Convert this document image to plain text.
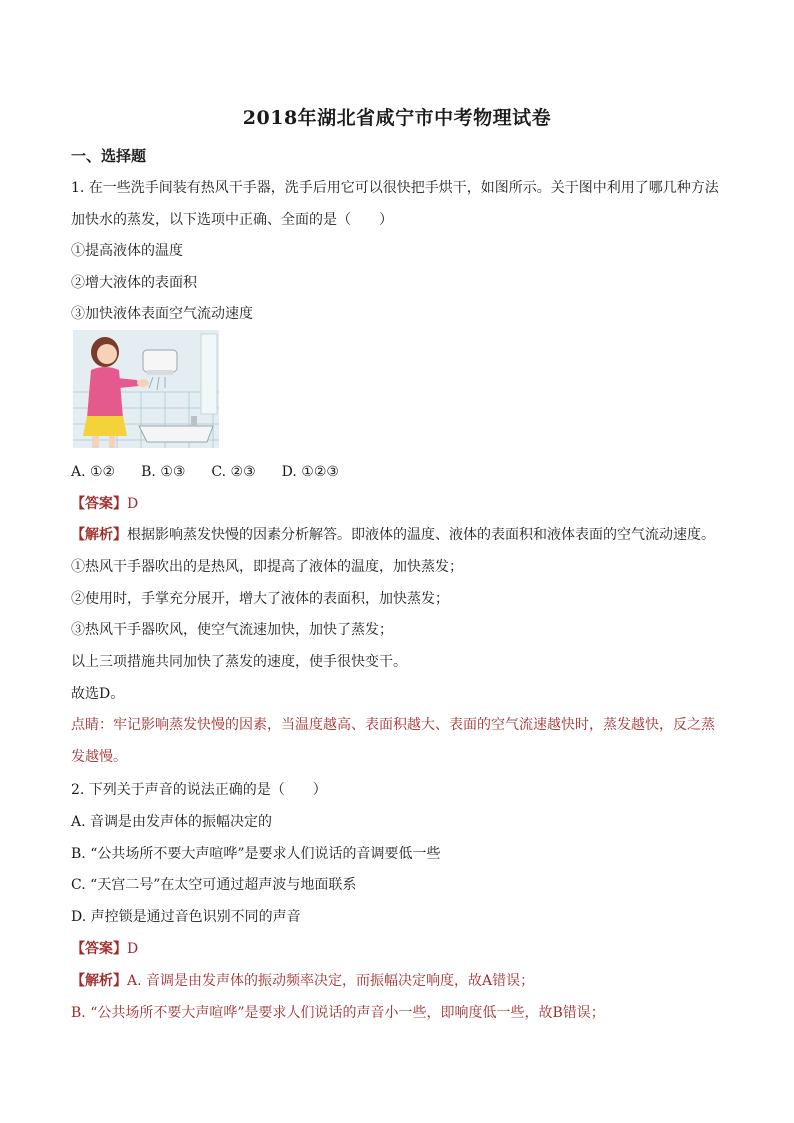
2018年湖北省咸宁市中考物理试卷
一、选择题
1. 在一些洗手间装有热风干手器，洗手后用它可以很快把手烘干，如图所示。关于图中利用了哪几种方法
加快水的蒸发，以下选项中正确、全面的是（　　）
①提高液体的温度
②增大液体的表面积
③加快液体表面空气流动速度
A. ①② B. ①③ C. ②③ D. ①②③
【答案】D
【解析】根据影响蒸发快慢的因素分析解答。即液体的温度、液体的表面积和液体表面的空气流动速度。
①热风干手器吹出的是热风，即提高了液体的温度，加快蒸发；
②使用时，手掌充分展开，增大了液体的表面积，加快蒸发；
③热风干手器吹风，使空气流速加快，加快了蒸发；
以上三项措施共同加快了蒸发的速度，使手很快变干。
故选D。
点睛：牢记影响蒸发快慢的因素，当温度越高、表面积越大、表面的空气流速越快时，蒸发越快，反之蒸
发越慢。
2. 下列关于声音的说法正确的是（　　）
A. 音调是由发声体的振幅决定的
B. “公共场所不要大声喧哗”是要求人们说话的音调要低一些
C. “天宫二号”在太空可通过超声波与地面联系
D. 声控锁是通过音色识别不同的声音
【答案】D
【解析】A. 音调是由发声体的振动频率决定，而振幅决定响度，故A错误；
B. “公共场所不要大声喧哗”是要求人们说话的声音小一些，即响度低一些，故B错误；
